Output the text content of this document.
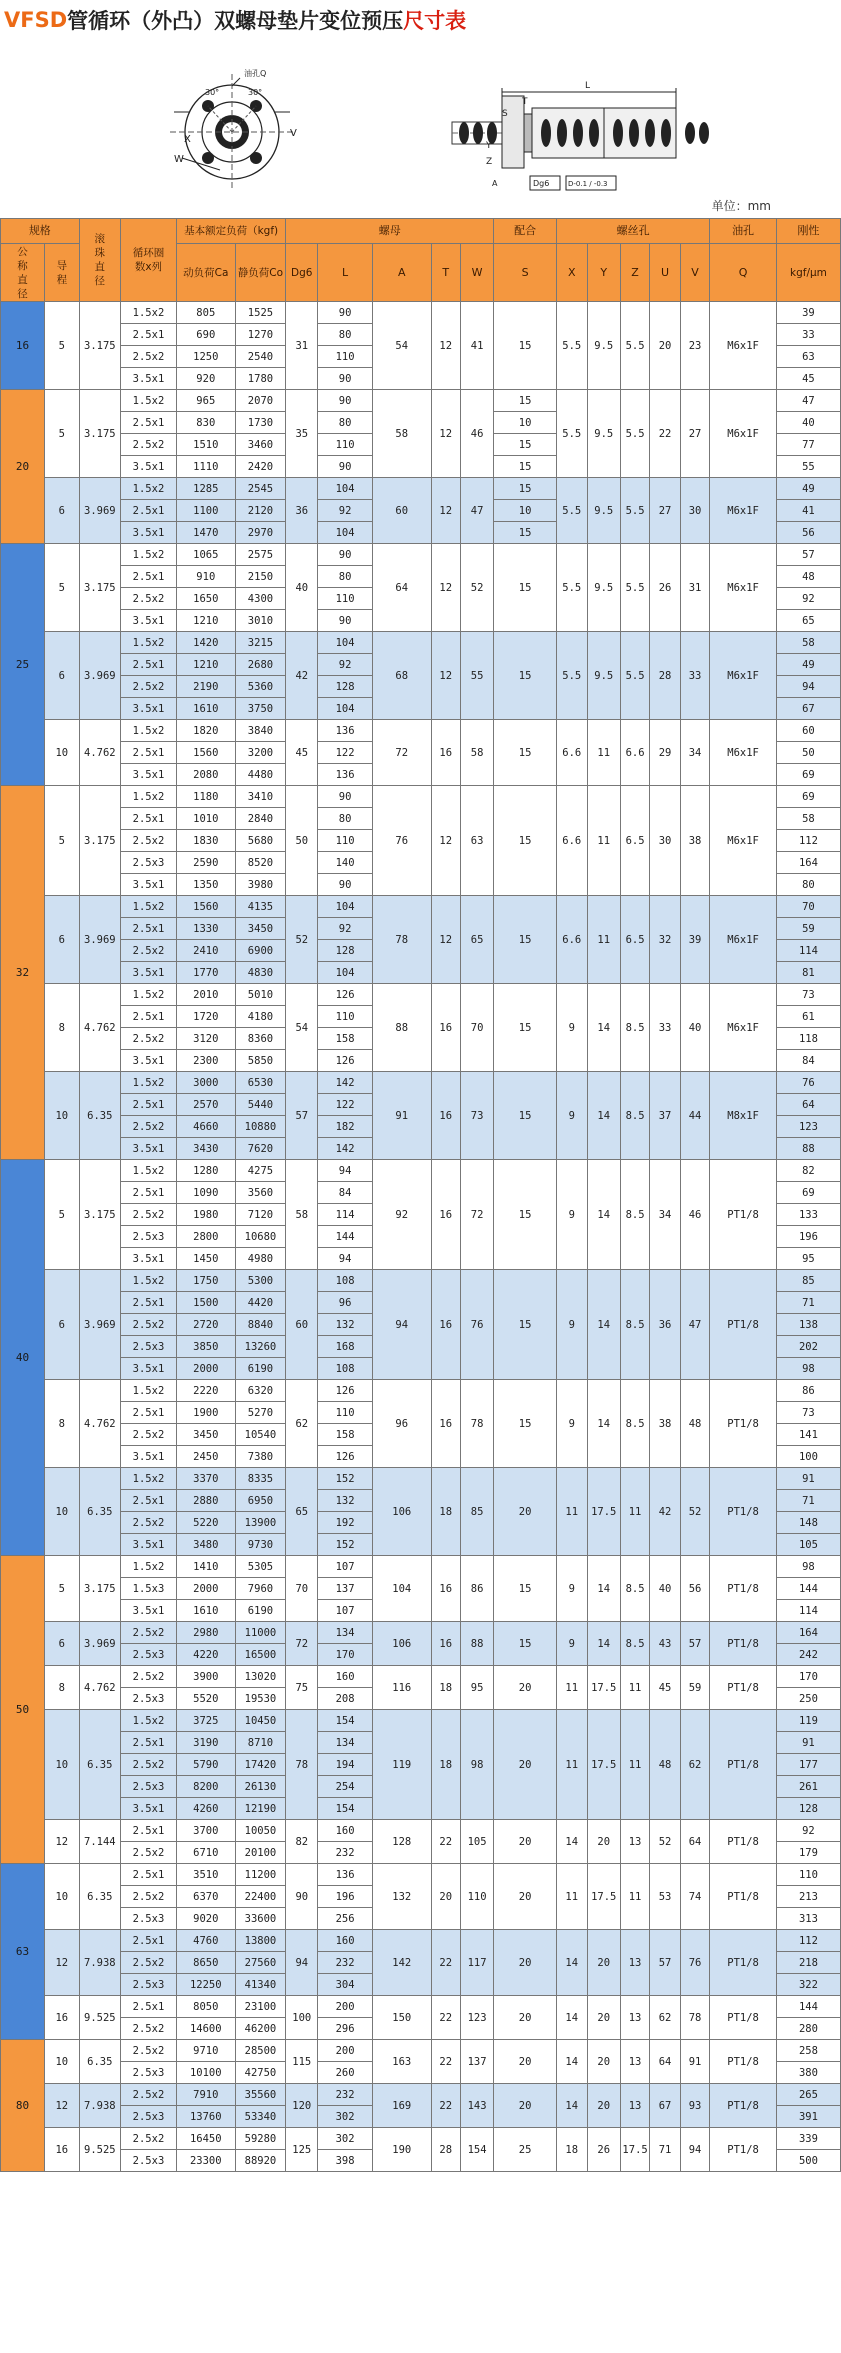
VFSD 管循环（外凸）双螺母垫片变位预压 尺寸表
油孔Q
30°	30°
X
W
V
L
S
T
Y
Z
A	Dg6	D-0.1 / -0.3
单位：mm
规格		滚珠直径	循环圈数x列	基本额定负荷（kgf)		螺母					配合	螺丝孔					油孔	刚性
公称直径	导程			动负荷Ca	静负荷Co	Dg6	L	A	T	W	S	X	Y	Z	U	V	Q	kgf/μm
16	5	3.175	1.5x2	805	1525	31	90	54	12	41	15	5.5	9.5	5.5	20	23	M6x1F	39
			2.5x1	690	1270		80											33
			2.5x2	1250	2540		110											63
			3.5x1	920	1780		90											45
20	5	3.175	1.5x2	965	2070	35	90	58	12	46	15	5.5	9.5	5.5	22	27	M6x1F	47
			2.5x1	830	1730		80				10							40
			2.5x2	1510	3460		110				15							77
			3.5x1	1110	2420		90				15							55
	6	3.969	1.5x2	1285	2545	36	104	60	12	47	15	5.5	9.5	5.5	27	30	M6x1F	49
			2.5x1	1100	2120		92				10							41
			3.5x1	1470	2970		104				15							56
25	5	3.175	1.5x2	1065	2575	40	90	64	12	52	15	5.5	9.5	5.5	26	31	M6x1F	57
			2.5x1	910	2150		80											48
			2.5x2	1650	4300		110											92
			3.5x1	1210	3010		90											65
	6	3.969	1.5x2	1420	3215	42	104	68	12	55	15	5.5	9.5	5.5	28	33	M6x1F	58
			2.5x1	1210	2680		92											49
			2.5x2	2190	5360		128											94
			3.5x1	1610	3750		104											67
	10	4.762	1.5x2	1820	3840	45	136	72	16	58	15	6.6	11	6.6	29	34	M6x1F	60
			2.5x1	1560	3200		122											50
			3.5x1	2080	4480		136											69
32	5	3.175	1.5x2	1180	3410	50	90	76	12	63	15	6.6	11	6.5	30	38	M6x1F	69
			2.5x1	1010	2840		80											58
			2.5x2	1830	5680		110											112
			2.5x3	2590	8520		140											164
			3.5x1	1350	3980		90											80
	6	3.969	1.5x2	1560	4135	52	104	78	12	65	15	6.6	11	6.5	32	39	M6x1F	70
			2.5x1	1330	3450		92											59
			2.5x2	2410	6900		128											114
			3.5x1	1770	4830		104											81
	8	4.762	1.5x2	2010	5010	54	126	88	16	70	15	9	14	8.5	33	40	M6x1F	73
			2.5x1	1720	4180		110											61
			2.5x2	3120	8360		158											118
			3.5x1	2300	5850		126											84
	10	6.35	1.5x2	3000	6530	57	142	91	16	73	15	9	14	8.5	37	44	M8x1F	76
			2.5x1	2570	5440		122											64
			2.5x2	4660	10880		182											123
			3.5x1	3430	7620		142											88
40	5	3.175	1.5x2	1280	4275	58	94	92	16	72	15	9	14	8.5	34	46	PT1/8	82
			2.5x1	1090	3560		84											69
			2.5x2	1980	7120		114											133
			2.5x3	2800	10680		144											196
			3.5x1	1450	4980		94											95
	6	3.969	1.5x2	1750	5300	60	108	94	16	76	15	9	14	8.5	36	47	PT1/8	85
			2.5x1	1500	4420		96											71
			2.5x2	2720	8840		132											138
			2.5x3	3850	13260		168											202
			3.5x1	2000	6190		108											98
	8	4.762	1.5x2	2220	6320	62	126	96	16	78	15	9	14	8.5	38	48	PT1/8	86
			2.5x1	1900	5270		110											73
			2.5x2	3450	10540		158											141
			3.5x1	2450	7380		126											100
	10	6.35	1.5x2	3370	8335	65	152	106	18	85	20	11	17.5	11	42	52	PT1/8	91
			2.5x1	2880	6950		132											71
			2.5x2	5220	13900		192											148
			3.5x1	3480	9730		152											105
50	5	3.175	1.5x2	1410	5305	70	107	104	16	86	15	9	14	8.5	40	56	PT1/8	98
			1.5x3	2000	7960		137											144
			3.5x1	1610	6190		107											114
	6	3.969	2.5x2	2980	11000	72	134	106	16	88	15	9	14	8.5	43	57	PT1/8	164
			2.5x3	4220	16500		170											242
	8	4.762	2.5x2	3900	13020	75	160	116	18	95	20	11	17.5	11	45	59	PT1/8	170
			2.5x3	5520	19530		208											250
	10	6.35	1.5x2	3725	10450	78	154	119	18	98	20	11	17.5	11	48	62	PT1/8	119
			2.5x1	3190	8710		134											91
			2.5x2	5790	17420		194											177
			2.5x3	8200	26130		254											261
			3.5x1	4260	12190		154											128
	12	7.144	2.5x1	3700	10050	82	160	128	22	105	20	14	20	13	52	64	PT1/8	92
			2.5x2	6710	20100		232											179
63	10	6.35	2.5x1	3510	11200	90	136	132	20	110	20	11	17.5	11	53	74	PT1/8	110
			2.5x2	6370	22400		196											213
			2.5x3	9020	33600		256											313
	12	7.938	2.5x1	4760	13800	94	160	142	22	117	20	14	20	13	57	76	PT1/8	112
			2.5x2	8650	27560		232											218
			2.5x3	12250	41340		304											322
	16	9.525	2.5x1	8050	23100	100	200	150	22	123	20	14	20	13	62	78	PT1/8	144
			2.5x2	14600	46200		296											280
80	10	6.35	2.5x2	9710	28500	115	200	163	22	137	20	14	20	13	64	91	PT1/8	258
			2.5x3	10100	42750		260											380
	12	7.938	2.5x2	7910	35560	120	232	169	22	143	20	14	20	13	67	93	PT1/8	265
			2.5x3	13760	53340		302											391
	16	9.525	2.5x2	16450	59280	125	302	190	28	154	25	18	26	17.5	71	94	PT1/8	339
			2.5x3	23300	88920		398											500
